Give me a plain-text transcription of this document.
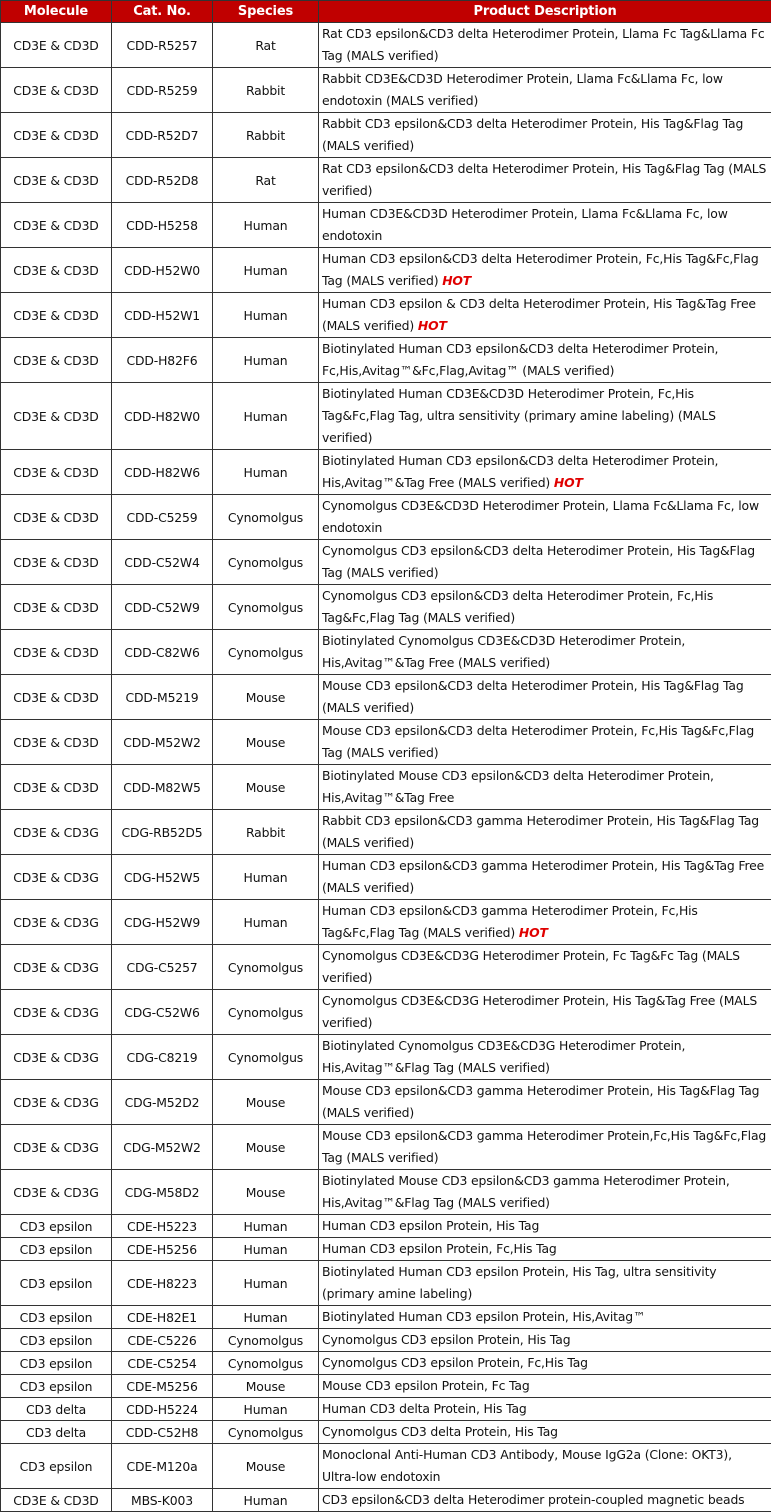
Molecule	Cat. No.	Species	Product Description
CD3E & CD3D	CDD-R5257	Rat	Rat CD3 epsilon&CD3 delta Heterodimer Protein, Llama Fc Tag&Llama Fc Tag (MALS verified)
CD3E & CD3D	CDD-R5259	Rabbit	Rabbit CD3E&CD3D Heterodimer Protein, Llama Fc&Llama Fc, low endotoxin (MALS verified)
CD3E & CD3D	CDD-R52D7	Rabbit	Rabbit CD3 epsilon&CD3 delta Heterodimer Protein, His Tag&Flag Tag (MALS verified)
CD3E & CD3D	CDD-R52D8	Rat	Rat CD3 epsilon&CD3 delta Heterodimer Protein, His Tag&Flag Tag (MALS verified)
CD3E & CD3D	CDD-H5258	Human	Human CD3E&CD3D Heterodimer Protein, Llama Fc&Llama Fc, low endotoxin
CD3E & CD3D	CDD-H52W0	Human	Human CD3 epsilon&CD3 delta Heterodimer Protein, Fc,His Tag&Fc,Flag Tag (MALS verified) HOT
CD3E & CD3D	CDD-H52W1	Human	Human CD3 epsilon & CD3 delta Heterodimer Protein, His Tag&Tag Free (MALS verified) HOT
CD3E & CD3D	CDD-H82F6	Human	Biotinylated Human CD3 epsilon&CD3 delta Heterodimer Protein, Fc,His,Avitag™&Fc,Flag,Avitag™ (MALS verified)
CD3E & CD3D	CDD-H82W0	Human	Biotinylated Human CD3E&CD3D Heterodimer Protein, Fc,His Tag&Fc,Flag Tag, ultra sensitivity (primary amine labeling) (MALS verified)
CD3E & CD3D	CDD-H82W6	Human	Biotinylated Human CD3 epsilon&CD3 delta Heterodimer Protein, His,Avitag™&Tag Free (MALS verified) HOT
CD3E & CD3D	CDD-C5259	Cynomolgus	Cynomolgus CD3E&CD3D Heterodimer Protein, Llama Fc&Llama Fc, low endotoxin
CD3E & CD3D	CDD-C52W4	Cynomolgus	Cynomolgus CD3 epsilon&CD3 delta Heterodimer Protein, His Tag&Flag Tag (MALS verified)
CD3E & CD3D	CDD-C52W9	Cynomolgus	Cynomolgus CD3 epsilon&CD3 delta Heterodimer Protein, Fc,His Tag&Fc,Flag Tag (MALS verified)
CD3E & CD3D	CDD-C82W6	Cynomolgus	Biotinylated Cynomolgus CD3E&CD3D Heterodimer Protein, His,Avitag™&Tag Free (MALS verified)
CD3E & CD3D	CDD-M5219	Mouse	Mouse CD3 epsilon&CD3 delta Heterodimer Protein, His Tag&Flag Tag (MALS verified)
CD3E & CD3D	CDD-M52W2	Mouse	Mouse CD3 epsilon&CD3 delta Heterodimer Protein, Fc,His Tag&Fc,Flag Tag (MALS verified)
CD3E & CD3D	CDD-M82W5	Mouse	Biotinylated Mouse CD3 epsilon&CD3 delta Heterodimer Protein, His,Avitag™&Tag Free
CD3E & CD3G	CDG-RB52D5	Rabbit	Rabbit CD3 epsilon&CD3 gamma Heterodimer Protein, His Tag&Flag Tag (MALS verified)
CD3E & CD3G	CDG-H52W5	Human	Human CD3 epsilon&CD3 gamma Heterodimer Protein, His Tag&Tag Free (MALS verified)
CD3E & CD3G	CDG-H52W9	Human	Human CD3 epsilon&CD3 gamma Heterodimer Protein, Fc,His Tag&Fc,Flag Tag (MALS verified) HOT
CD3E & CD3G	CDG-C5257	Cynomolgus	Cynomolgus CD3E&CD3G Heterodimer Protein, Fc Tag&Fc Tag (MALS verified)
CD3E & CD3G	CDG-C52W6	Cynomolgus	Cynomolgus CD3E&CD3G Heterodimer Protein, His Tag&Tag Free (MALS verified)
CD3E & CD3G	CDG-C8219	Cynomolgus	Biotinylated Cynomolgus CD3E&CD3G Heterodimer Protein, His,Avitag™&Flag Tag (MALS verified)
CD3E & CD3G	CDG-M52D2	Mouse	Mouse CD3 epsilon&CD3 gamma Heterodimer Protein, His Tag&Flag Tag (MALS verified)
CD3E & CD3G	CDG-M52W2	Mouse	Mouse CD3 epsilon&CD3 gamma Heterodimer Protein,Fc,His Tag&Fc,Flag Tag (MALS verified)
CD3E & CD3G	CDG-M58D2	Mouse	Biotinylated Mouse CD3 epsilon&CD3 gamma Heterodimer Protein, His,Avitag™&Flag Tag (MALS verified)
CD3 epsilon	CDE-H5223	Human	Human CD3 epsilon Protein, His Tag
CD3 epsilon	CDE-H5256	Human	Human CD3 epsilon Protein, Fc,His Tag
CD3 epsilon	CDE-H8223	Human	Biotinylated Human CD3 epsilon Protein, His Tag, ultra sensitivity (primary amine labeling)
CD3 epsilon	CDE-H82E1	Human	Biotinylated Human CD3 epsilon Protein, His,Avitag™
CD3 epsilon	CDE-C5226	Cynomolgus	Cynomolgus CD3 epsilon Protein, His Tag
CD3 epsilon	CDE-C5254	Cynomolgus	Cynomolgus CD3 epsilon Protein, Fc,His Tag
CD3 epsilon	CDE-M5256	Mouse	Mouse CD3 epsilon Protein, Fc Tag
CD3 delta	CDD-H5224	Human	Human CD3 delta Protein, His Tag
CD3 delta	CDD-C52H8	Cynomolgus	Cynomolgus CD3 delta Protein, His Tag
CD3 epsilon	CDE-M120a	Mouse	Monoclonal Anti-Human CD3 Antibody, Mouse IgG2a (Clone: OKT3), Ultra-low endotoxin
CD3E & CD3D	MBS-K003	Human	CD3 epsilon&CD3 delta Heterodimer protein-coupled magnetic beads
